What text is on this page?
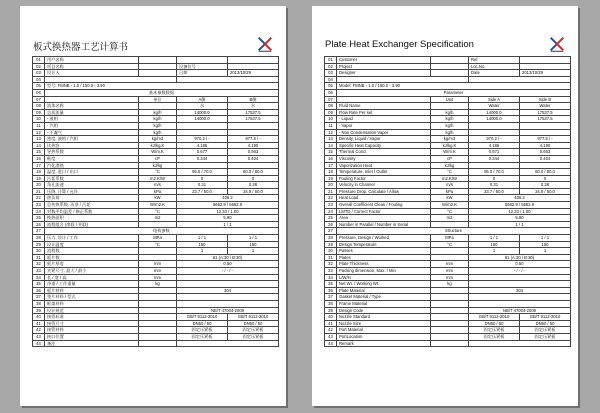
板式换热器工艺计算书
01	用户名称			
02	项目名称		设备位号	
03	设计人		日期	2013/10/29
04				
05	型号: FMNB - 1.0 / 150.0 - 3.90			
06	基本参数数据			
07		单位	A侧	B侧
08	流体名称		水	水
09	总质流量	kg/h	14000.0	17537.5
10	- 液相	kg/h	14000.0	17537.5
11	- 汽相	kg/h		
12	- 不凝气	kg/h		
13	密度, 液相 / 汽相	kg/m3	970.2 / -	977.8 / -
14	比热容	kJ/kg.K	4.186	4.190
15	导热系数	W/m.K	0.677	0.663
16	粘度	cP	0.344	0.404
17	汽化潜热	kJ/kg		
18	温度, 进口 / 出口	°C	95.0 / 70.0	60.0 / 80.0
19	污垢系数	m2.K/W	0	0
20	角孔流速	m/s	0.31	0.38
21	压降, 计算 / 允许	kPa	23.7 / 50.0	34.9 / 50.0
22	热负荷	kW	406.2	
23	总传热系数, 洁净 / 污垢	W/m2.K	5662.9 / 5662.9	
24	对数平均温差 / 修正系数	°C	12.33 / 1.00	
25	换热面积	m2	5.90	
26	流程组合 (串联 / 并联)		1 / 1	
27	结构参数			
28	压力, 设计 / 工作	MPa	1 / 1	1 / 1
29	设计温度	°C	150	150
30	流程数		1	1
31	板片数		61 (A:30 / B:30)	
32	板片厚度	mm	0.50	
33	夹紧尺寸, 最大 / 最小	mm	- / - / -	
34	长 / 宽 / 高	mm		
35	净重 / 工作重量	kg		
36	板片材料		304	
37	垫片材料 / 型式			
38	框架材料			
39	设计规范		NB/T 47004-2009	
40	接管标准		GB/T 9112-2010	GB/T 9112-2010
41	接管尺寸		DN50 / 50	DN50 / 50
42	接管材料		固定压紧板	固定压紧板
43	接口位置		固定压紧板	固定压紧板
44	备注			
Plate Heat Exchanger Specification
01	Customer		Ref	
02	Project		Loc.No.	
03	Designer		Date	2013/10/29
04				
05	Model: FMNB - 1.0 / 150.0 - 3.90			
06	Parameter			
07		Unit	Side A	Side B
08	Fluid Name		Water	Water
09	Flow Rate Per set	kg/h	14000.0	17537.5
10	- Liquid	kg/h	14000.0	17537.5
11	- Vapor	kg/h		
12	- Non Condensation Vapor	kg/h		
13	Density, Liquid / Vapor	kg/m3	970.2 / -	977.8 / -
14	Specific Heat Capacity	kJ/kg.K	4.186	4.190
15	Thermal Cond.	W/m.K	0.671	0.663
16	Viscosity	cP	0.344	0.404
17	Vaporization Heat	kJ/kg		
18	Temperature, Inlet / Outlet	°C	95.0 / 70.0	60.0 / 80.0
19	Fouling Factor	m2.K/W	0	0
20	Velocity in Channel	m/s	0.31	0.38
21	Pressure Drop, Calculate / Allow	kPa	23.7 / 50.0	34.9 / 50.0
22	Heat Load	kW	406.2	
23	Overall Coefficient Clean / Fouling	W/m2.K	5662.9 / 5662.9	
24	LMTD / Correct Factor	°C	12.33 / 1.00	
25	Area	m2	5.90	
26	Number in Parallel / Number in Serial		1 / 1	
27	Structure			
28	Pressure, Design / Worked	MPa	1 / 1	1 / 1
29	Design Temperature	°C	150	150
30	Passes		1	1
31	Plates		61 (A:30 / B:30)	
32	Plate Thickness	mm	0.50	
33	Packing dimension, Max. / Min	mm	- / - / -	
34	L/W/H	mm		
35	Net Wt. / Working Wt.	kg		
36	Plate Material		304	
37	Gasket Material / Type			
38	Frame Material			
39	Design Code		NB/T 47004-2009	
40	Nozzle Standard		GB/T 9112-2010	GB/T 9112-2010
41	Nozzle Size		DN50 / 50	DN50 / 50
42	Port Material		固定压紧板	固定压紧板
43	PortLocation		固定压紧板	固定压紧板
44	Remark			
